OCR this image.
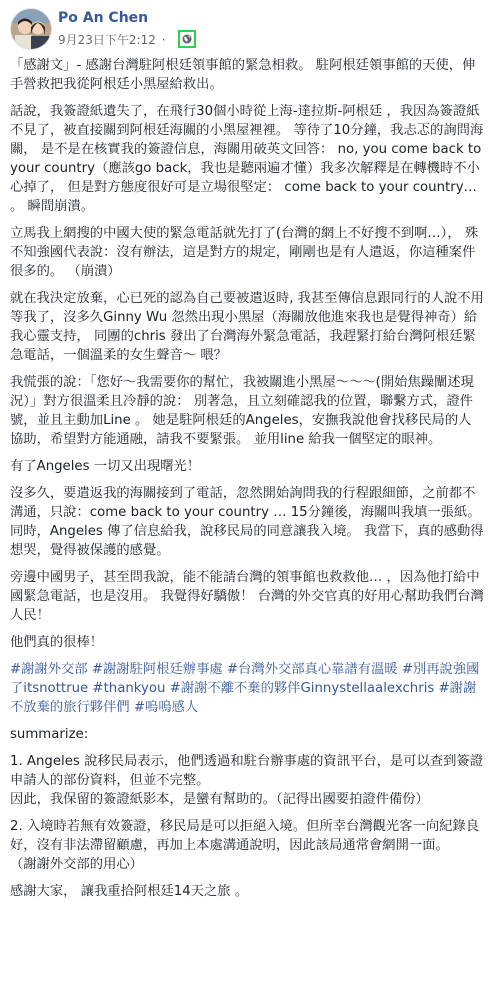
Po An Chen
9月23日下午2:12 ·

「感謝文」- 感謝台灣駐阿根廷領事館的緊急相救。 駐阿根廷領事館的天使，伸手營救把我從阿根廷小黑屋給救出。

話說，我簽證紙遺失了，在飛行30個小時從上海-達拉斯-阿根廷 ，我因為簽證紙不見了，被直接關到阿根廷海關的小黑屋裡裡。 等待了10分鐘，我忐忑的詢問海關， 是不是在核實我的簽證信息，海關用破英文回答： no, you come back to your country（應該go back，我也是聽兩遍才懂）我多次解釋是在轉機時不小心掉了， 但是對方態度很好可是立場很堅定： come back to your country… 。 瞬間崩潰。

立馬我上網搜的中國大使的緊急電話就先打了(台灣的網上不好搜不到啊…）， 殊不知強國代表說：沒有辦法，這是對方的規定，剛剛也是有人遣返，你這種案件很多的。 （崩潰）

就在我決定放棄，心已死的認為自己要被遣返時, 我甚至傳信息跟同行的人說不用等我了，沒多久Ginny Wu 忽然出現小黑屋（海關放他進來我也是覺得神奇）給我心靈支持， 同團的chris 發出了台灣海外緊急電話，我趕緊打給台灣阿根廷緊急電話，一個溫柔的女生聲音～ 喂？

我慌張的說：「您好～我需要你的幫忙，我被關進小黑屋～～～(開始焦躁闡述現況）」對方很溫柔且冷靜的說： 別著急，且立刻確認我的位置，聯繫方式，證件號，並且主動加Line 。 她是駐阿根廷的Angeles，安撫我說他會找移民局的人協助，希望對方能通融，請我不要緊張。 並用line 給我一個堅定的眼神。

有了Angeles 一切又出現曙光！

沒多久，要遣返我的海關接到了電話，忽然開始詢問我的行程跟細節，之前都不溝通，只說：come back to your country … 15分鐘後，海關叫我填一張紙。 同時，Angeles 傳了信息給我，說移民局的同意讓我入境。 我當下，真的感動得想哭，覺得被保護的感覺。

旁邊中國男子，甚至問我說，能不能請台灣的領事館也救救他… ，因為他打給中國緊急電話，也是沒用。 我覺得好驕傲！ 台灣的外交官真的好用心幫助我們台灣人民！

他們真的很棒！

#謝謝外交部 #謝謝駐阿根廷辦事處 #台灣外交部真心靠譜有溫暖 #別再說強國了itsnottrue #thankyou #謝謝不離不棄的夥伴Ginnystellaalexchris #謝謝不放棄的旅行夥伴們 #嗚嗚感人

summarize:

1. Angeles 說移民局表示，他們透過和駐台辦事處的資訊平台，是可以查到簽證申請人的部份資料，但並不完整。
因此，我保留的簽證紙影本，是蠻有幫助的。（記得出國要拍證件備份）

2. 入境時若無有效簽證，移民局是可以拒絕入境。但所幸台灣觀光客一向紀錄良好，沒有非法滯留顧慮，再加上本處溝通說明，因此該局通常會網開一面。
（謝謝外交部的用心）

感謝大家， 讓我重拾阿根廷14天之旅 。
